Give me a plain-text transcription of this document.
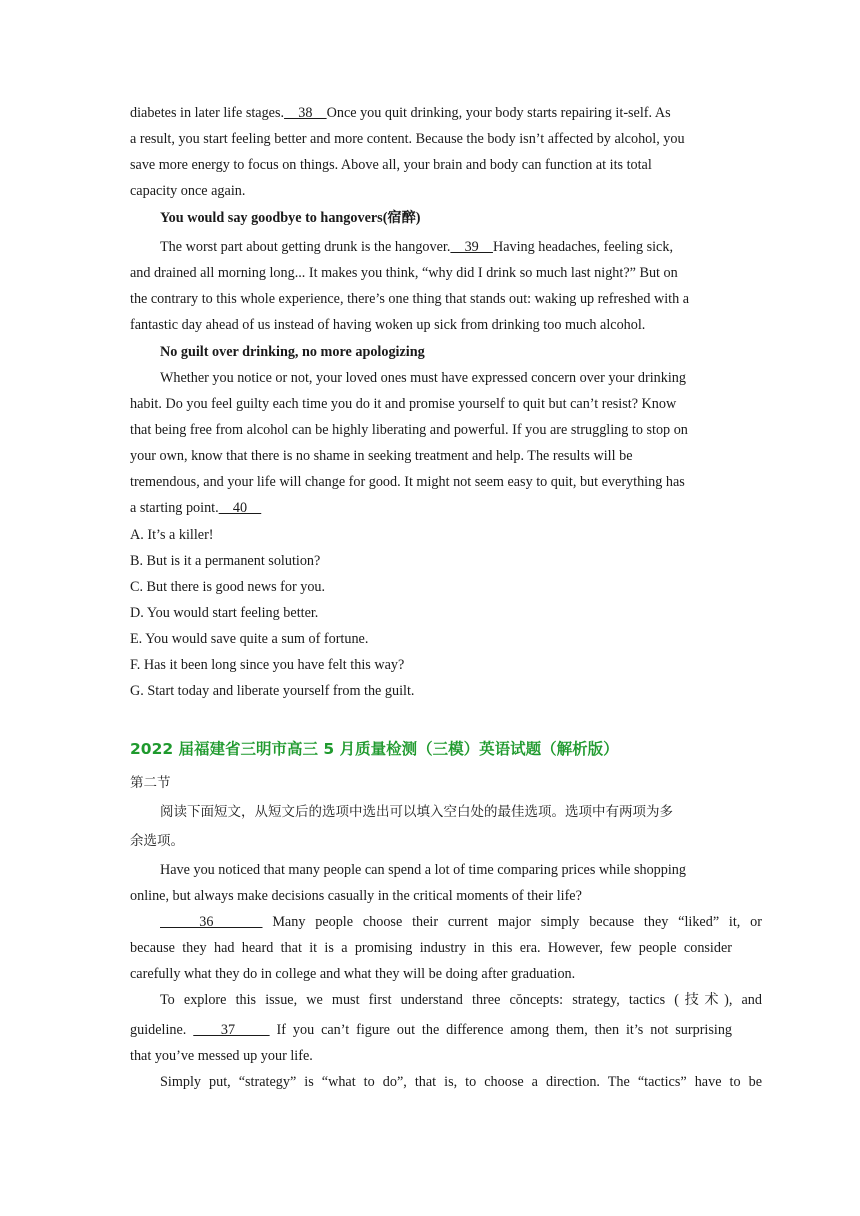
diabetes in later life stages.    38    Once you quit drinking, your body starts repairing it-self. As
a result, you start feeling better and more content. Because the body isn’t affected by alcohol, you
save more energy to focus on things. Above all, your brain and body can function at its total
capacity once again.
You would say goodbye to hangovers(宿醉)
The worst part about getting drunk is the hangover.    39    Having headaches, feeling sick,
and drained all morning long... It makes you think, “why did I drink so much last night?” But on
the contrary to this whole experience, there’s one thing that stands out: waking up refreshed with a
fantastic day ahead of us instead of having woken up sick from drinking too much alcohol.
No guilt over drinking, no more apologizing
Whether you notice or not, your loved ones must have expressed concern over your drinking
habit. Do you feel guilty each time you do it and promise yourself to quit but can’t resist? Know
that being free from alcohol can be highly liberating and powerful. If you are struggling to stop on
your own, know that there is no shame in seeking treatment and help. The results will be
tremendous, and your life will change for good. It might not seem easy to quit, but everything has
a starting point.    40
A. It’s a killer!
B. But is it a permanent solution?
C. But there is good news for you.
D. You would start feeling better.
E. You would save quite a sum of fortune.
F. Has it been long since you have felt this way?
G. Start today and liberate yourself from the guilt.
2022 届福建省三明市高三 5 月质量检测（三模）英语试题（解析版）
第二节
阅读下面短文，从短文后的选项中选出可以填入空白处的最佳选项。选项中有两项为多
余选项。
Have you noticed that many people can spend a lot of time comparing prices while shopping
online, but always make decisions casually in the critical moments of their life?
36      Many people choose their current major simply because they “liked” it, or
because they had heard that it is a promising industry in this era. However, few people consider
carefully what they do in college and what they will be doing after graduation.
To explore this issue, we must first understand three cŏncepts: strategy, tactics (技术), and
guideline.     37      If you can’t figure out the difference among them, then it’s not surprising
that you’ve messed up your life.
Simply put, “strategy” is “what to do”, that is, to choose a direction. The “tactics” have to be
